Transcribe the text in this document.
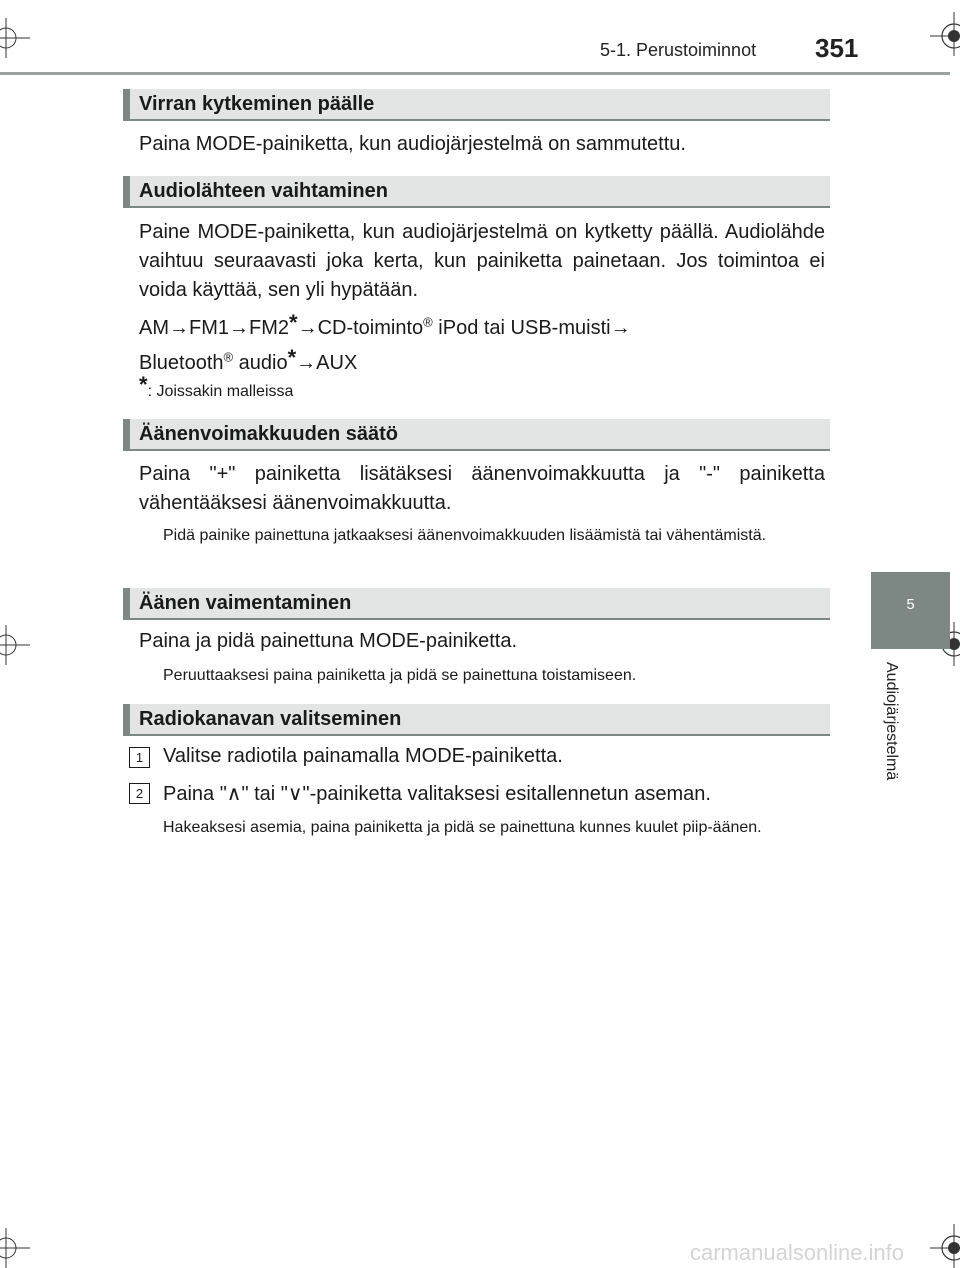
5-1. Perustoiminnot 351
5
Audiojärjestelmä
Virran kytkeminen päälle
Paina MODE-painiketta, kun audiojärjestelmä on sammutettu.
Audiolähteen vaihtaminen
Paine MODE-painiketta, kun audiojärjestelmä on kytketty päällä. Audiolähde vaihtuu seuraavasti joka kerta, kun painiketta painetaan. Jos toimintoa ei voida käyttää, sen yli hypätään.
AM→FM1→FM2*→CD-toiminto® iPod tai USB-muisti→
Bluetooth® audio*→AUX
*: Joissakin malleissa
Äänenvoimakkuuden säätö
Paina "+" painiketta lisätäksesi äänenvoimakkuutta ja "-" painiketta vähentääksesi äänenvoimakkuutta.
Pidä painike painettuna jatkaaksesi äänenvoimakkuuden lisäämistä tai vähentämistä.
Äänen vaimentaminen
Paina ja pidä painettuna MODE-painiketta.
Peruuttaaksesi paina painiketta ja pidä se painettuna toistamiseen.
Radiokanavan valitseminen
1 Valitse radiotila painamalla MODE-painiketta.
2 Paina "∧" tai "∨"-painiketta valitaksesi esitallennetun aseman.
Hakeaksesi asemia, paina painiketta ja pidä se painettuna kunnes kuulet piip-äänen.
carmanualsonline.info
